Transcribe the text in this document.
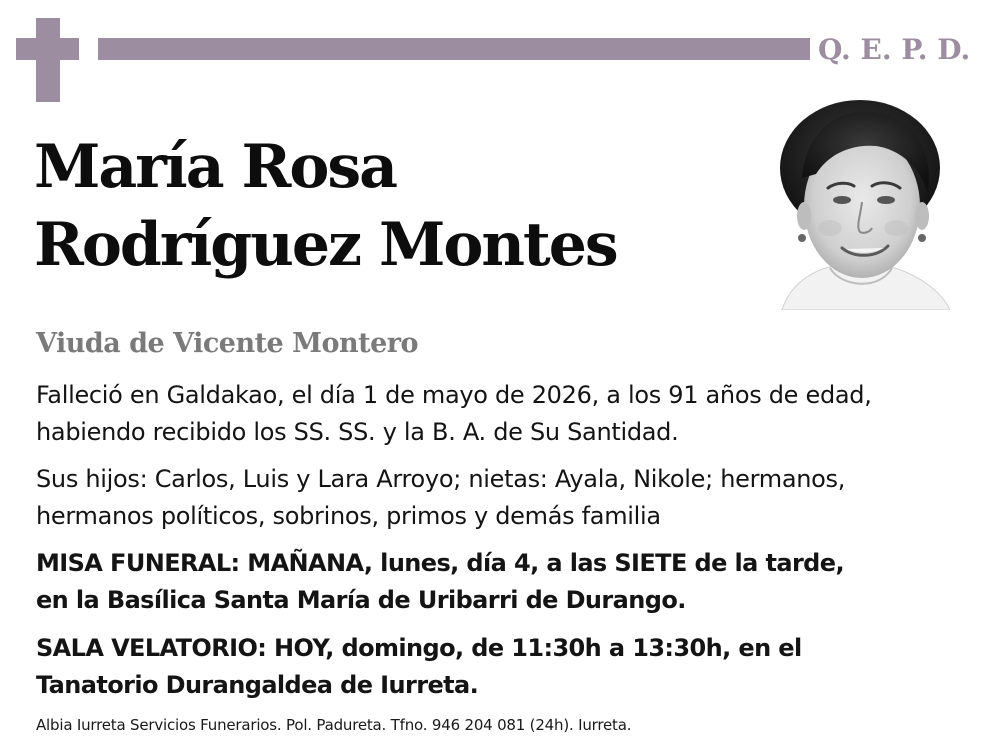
Q. E. P. D.
María Rosa
Rodríguez Montes
Viuda de Vicente Montero
Falleció en Galdakao, el día 1 de mayo de 2026, a los 91 años de edad,
habiendo recibido los SS. SS. y la B. A. de Su Santidad.
Sus hijos: Carlos, Luis y Lara Arroyo; nietas: Ayala, Nikole; hermanos,
hermanos políticos, sobrinos, primos y demás familia
MISA FUNERAL: MAÑANA, lunes, día 4, a las SIETE de la tarde,
en la Basílica Santa María de Uribarri de Durango.
SALA VELATORIO: HOY, domingo, de 11:30h a 13:30h, en el
Tanatorio Durangaldea de Iurreta.
Albia Iurreta Servicios Funerarios. Pol. Padureta. Tfno. 946 204 081 (24h). Iurreta.
